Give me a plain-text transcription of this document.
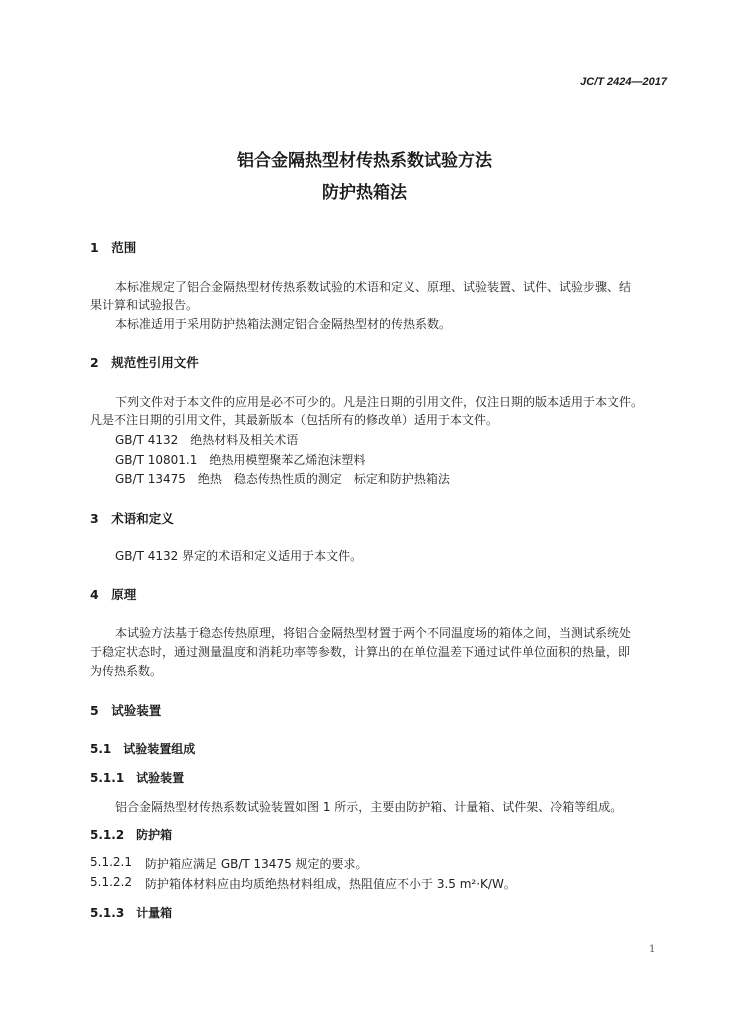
JC/T 2424—2017
铝合金隔热型材传热系数试验方法
防护热箱法
1　范围
本标准规定了铝合金隔热型材传热系数试验的术语和定义、原理、试验装置、试件、试验步骤、结
果计算和试验报告。
本标准适用于采用防护热箱法测定铝合金隔热型材的传热系数。
2　规范性引用文件
下列文件对于本文件的应用是必不可少的。凡是注日期的引用文件，仅注日期的版本适用于本文件。
凡是不注日期的引用文件，其最新版本（包括所有的修改单）适用于本文件。
GB/T 4132　绝热材料及相关术语
GB/T 10801.1　绝热用模塑聚苯乙烯泡沫塑料
GB/T 13475　绝热　稳态传热性质的测定　标定和防护热箱法
3　术语和定义
GB/T 4132 界定的术语和定义适用于本文件。
4　原理
本试验方法基于稳态传热原理，将铝合金隔热型材置于两个不同温度场的箱体之间，当测试系统处
于稳定状态时，通过测量温度和消耗功率等参数，计算出的在单位温差下通过试件单位面积的热量，即
为传热系数。
5　试验装置
5.1　试验装置组成
5.1.1　试验装置
铝合金隔热型材传热系数试验装置如图 1 所示，主要由防护箱、计量箱、试件架、冷箱等组成。
5.1.2　防护箱
5.1.2.1 防护箱应满足 GB/T 13475 规定的要求。
5.1.2.2 防护箱体材料应由均质绝热材料组成，热阻值应不小于 3.5 m²·K/W。
5.1.3　计量箱
1
